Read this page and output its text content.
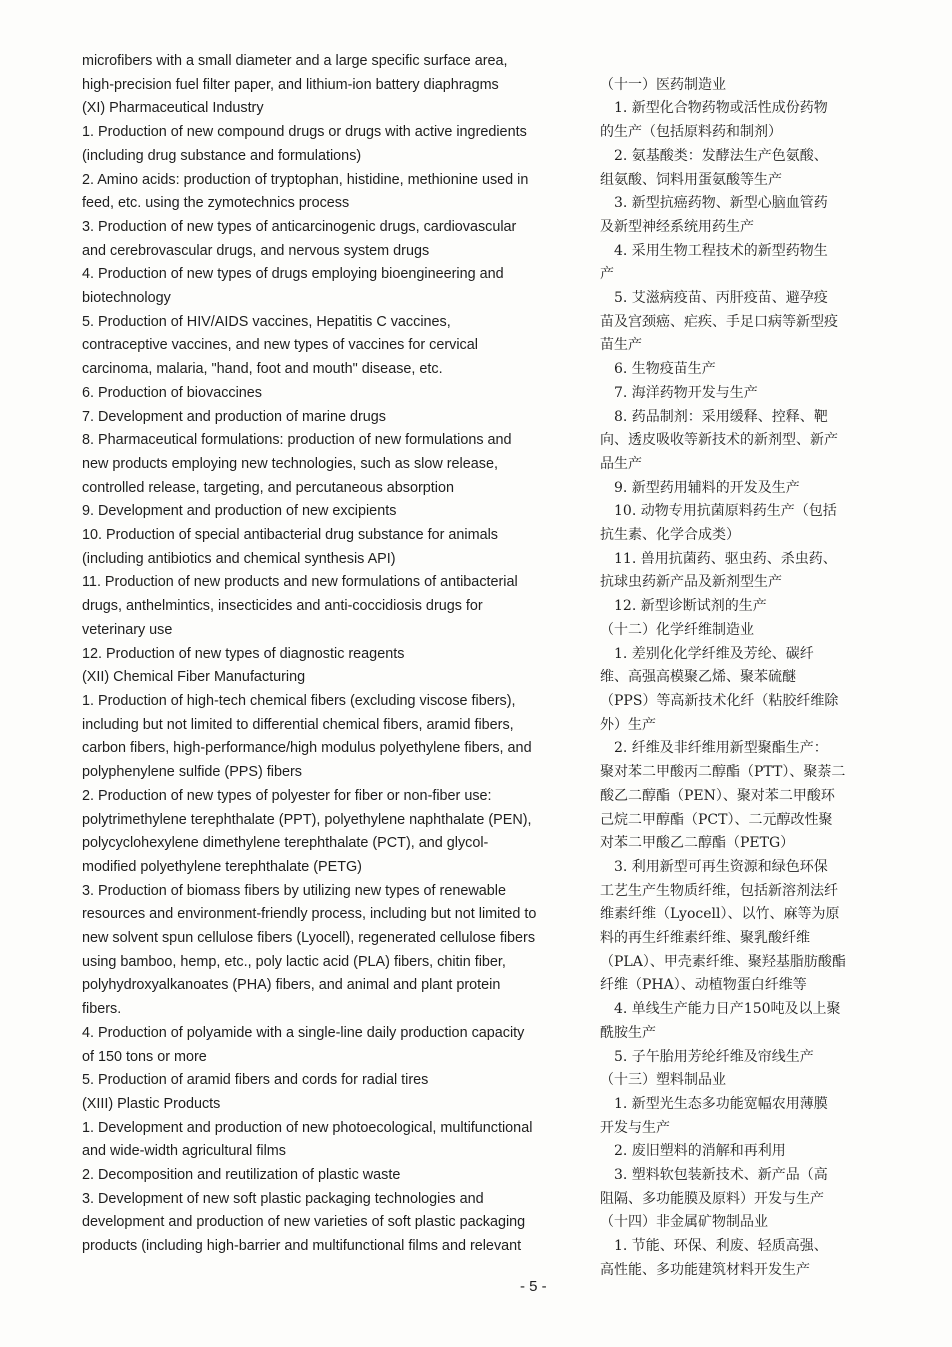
microfibers with a small diameter and a large specific surface area,
high-precision fuel filter paper, and lithium-ion battery diaphragms
(XI) Pharmaceutical Industry
1. Production of new compound drugs or drugs with active ingredients
(including drug substance and formulations)
2. Amino acids: production of tryptophan, histidine, methionine used in
feed, etc. using the zymotechnics process
3. Production of new types of anticarcinogenic drugs, cardiovascular
and cerebrovascular drugs, and nervous system drugs
4. Production of new types of drugs employing bioengineering and
biotechnology
5. Production of HIV/AIDS vaccines, Hepatitis C vaccines,
contraceptive vaccines, and new types of vaccines for cervical
carcinoma, malaria, "hand, foot and mouth" disease, etc.
6. Production of biovaccines
7. Development and production of marine drugs
8. Pharmaceutical formulations: production of new formulations and
new products employing new technologies, such as slow release,
controlled release, targeting, and percutaneous absorption
9. Development and production of new excipients
10. Production of special antibacterial drug substance for animals
(including antibiotics and chemical synthesis API)
11. Production of new products and new formulations of antibacterial
drugs, anthelmintics, insecticides and anti-coccidiosis drugs for
veterinary use
12. Production of new types of diagnostic reagents
(XII) Chemical Fiber Manufacturing
1. Production of high-tech chemical fibers (excluding viscose fibers),
including but not limited to differential chemical fibers, aramid fibers,
carbon fibers, high-performance/high modulus polyethylene fibers, and
polyphenylene sulfide (PPS) fibers
2. Production of new types of polyester for fiber or non-fiber use:
polytrimethylene terephthalate (PPT), polyethylene naphthalate (PEN),
polycyclohexylene dimethylene terephthalate (PCT), and glycol-
modified polyethylene terephthalate (PETG)
3. Production of biomass fibers by utilizing new types of renewable
resources and environment-friendly process, including but not limited to
new solvent spun cellulose fibers (Lyocell), regenerated cellulose fibers
using bamboo, hemp, etc., poly lactic acid (PLA) fibers, chitin fiber,
polyhydroxyalkanoates (PHA) fibers, and animal and plant protein
fibers.
4. Production of polyamide with a single-line daily production capacity
of 150 tons or more
5. Production of aramid fibers and cords for radial tires
(XIII) Plastic Products
1. Development and production of new photoecological, multifunctional
and wide-width agricultural films
2. Decomposition and reutilization of plastic waste
3. Development of new soft plastic packaging technologies and
development and production of new varieties of soft plastic packaging
products (including high-barrier and multifunctional films and relevant

（十一）医药制造业
　1. 新型化合物药物或活性成份药物
的生产（包括原料药和制剂）
　2. 氨基酸类：发酵法生产色氨酸、
组氨酸、饲料用蛋氨酸等生产
　3. 新型抗癌药物、新型心脑血管药
及新型神经系统用药生产
　4. 采用生物工程技术的新型药物生
产
　5. 艾滋病疫苗、丙肝疫苗、避孕疫
苗及宫颈癌、疟疾、手足口病等新型疫
苗生产
　6. 生物疫苗生产
　7. 海洋药物开发与生产
　8. 药品制剂：采用缓释、控释、靶
向、透皮吸收等新技术的新剂型、新产
品生产
　9. 新型药用辅料的开发及生产
　10. 动物专用抗菌原料药生产（包括
抗生素、化学合成类）
　11. 兽用抗菌药、驱虫药、杀虫药、
抗球虫药新产品及新剂型生产
　12. 新型诊断试剂的生产
（十二）化学纤维制造业
　1. 差别化化学纤维及芳纶、碳纤
维、高强高模聚乙烯、聚苯硫醚
（PPS）等高新技术化纤（粘胶纤维除
外）生产
　2. 纤维及非纤维用新型聚酯生产：
聚对苯二甲酸丙二醇酯（PTT）、聚萘二
酸乙二醇酯（PEN）、聚对苯二甲酸环
己烷二甲醇酯（PCT）、二元醇改性聚
对苯二甲酸乙二醇酯（PETG）
　3. 利用新型可再生资源和绿色环保
工艺生产生物质纤维，包括新溶剂法纤
维素纤维（Lyocell）、以竹、麻等为原
料的再生纤维素纤维、聚乳酸纤维
（PLA）、甲壳素纤维、聚羟基脂肪酸酯
纤维（PHA）、动植物蛋白纤维等
　4. 单线生产能力日产150吨及以上聚
酰胺生产
　5. 子午胎用芳纶纤维及帘线生产
（十三）塑料制品业
　1. 新型光生态多功能宽幅农用薄膜
开发与生产
　2. 废旧塑料的消解和再利用
　3. 塑料软包装新技术、新产品（高
阻隔、多功能膜及原料）开发与生产
（十四）非金属矿物制品业
　1. 节能、环保、利废、轻质高强、
高性能、多功能建筑材料开发生产
- 5 -
